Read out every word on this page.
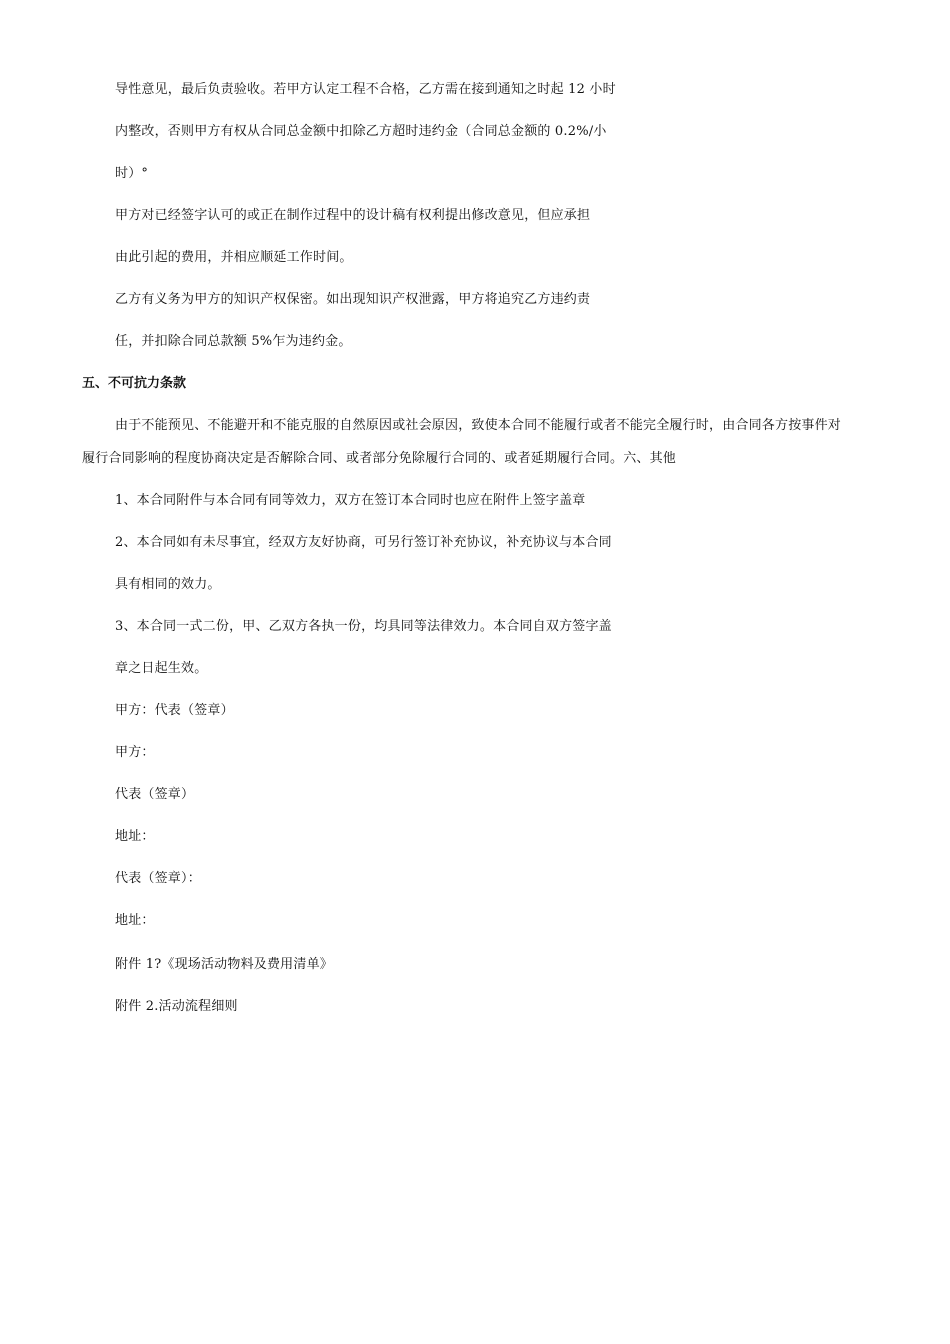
导性意见，最后负责验收。若甲方认定工程不合格，乙方需在接到通知之时起 12 小时
内整改，否则甲方有权从合同总金额中扣除乙方超时违约金（合同总金额的 0.2%/小
时）°
甲方对已经签字认可的或正在制作过程中的设计稿有权利提出修改意见，但应承担
由此引起的费用，并相应顺延工作时间。
乙方有义务为甲方的知识产权保密。如出现知识产权泄露，甲方将追究乙方违约责
任，并扣除合同总款额 5%乍为违约金。
五、不可抗力条款
由于不能预见、不能避开和不能克服的自然原因或社会原因，致使本合同不能履行或者不能完全履行时，由合同各方按事件对
履行合同影响的程度协商决定是否解除合同、或者部分免除履行合同的、或者延期履行合同。六、其他
1、本合同附件与本合同有同等效力，双方在签订本合同时也应在附件上签字盖章
2、本合同如有未尽事宜，经双方友好协商，可另行签订补充协议，补充协议与本合同
具有相同的效力。
3、本合同一式二份，甲、乙双方各执一份，均具同等法律效力。本合同自双方签字盖
章之日起生效。
甲方：代表（签章）
甲方：
代表（签章）
地址：
代表（签章）：
地址：
附件 1?《现场活动物料及费用清单》
附件 2.活动流程细则
